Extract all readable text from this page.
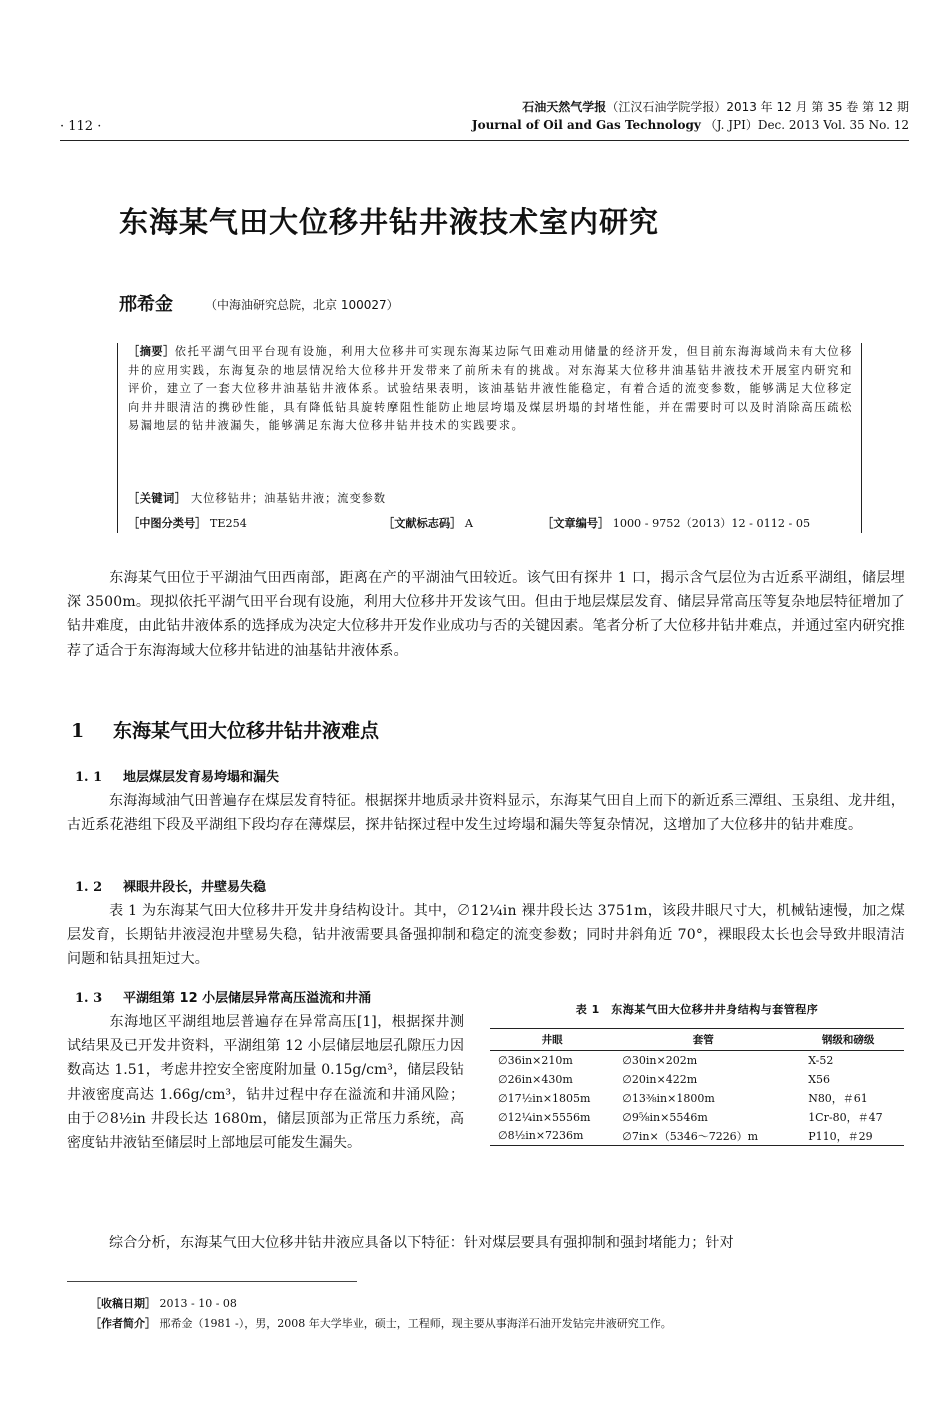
· 112 ·
石油天然气学报（江汉石油学院学报）2013 年 12 月 第 35 卷 第 12 期
Journal of Oil and Gas Technology （J. JPI）Dec. 2013 Vol. 35 No. 12
东海某气田大位移井钻井液技术室内研究
邢希金	（中海油研究总院，北京 100027）
［摘要］依托平湖气田平台现有设施，利用大位移井可实现东海某边际气田难动用储量的经济开发，但目前东海海域尚未有大位移井的应用实践，东海复杂的地层情况给大位移井开发带来了前所未有的挑战。对东海某大位移井油基钻井液技术开展室内研究和评价，建立了一套大位移井油基钻井液体系。试验结果表明，该油基钻井液性能稳定，有着合适的流变参数，能够满足大位移定向井井眼清洁的携砂性能，具有降低钻具旋转摩阻性能防止地层垮塌及煤层坍塌的封堵性能，并在需要时可以及时消除高压疏松易漏地层的钻井液漏失，能够满足东海大位移井钻井技术的实践要求。
［关键词］ 大位移钻井；油基钻井液；流变参数
［中图分类号］ TE254	［文献标志码］ A	［文章编号］ 1000 - 9752（2013）12 - 0112 - 05
东海某气田位于平湖油气田西南部，距离在产的平湖油气田较近。该气田有探井 1 口，揭示含气层位为古近系平湖组，储层埋深 3500m。现拟依托平湖气田平台现有设施，利用大位移井开发该气田。但由于地层煤层发育、储层异常高压等复杂地层特征增加了钻井难度，由此钻井液体系的选择成为决定大位移井开发作业成功与否的关键因素。笔者分析了大位移井钻井难点，并通过室内研究推荐了适合于东海海域大位移井钻进的油基钻井液体系。
1 东海某气田大位移井钻井液难点
1. 1 地层煤层发育易垮塌和漏失
东海海域油气田普遍存在煤层发育特征。根据探井地质录井资料显示，东海某气田自上而下的新近系三潭组、玉泉组、龙井组，古近系花港组下段及平湖组下段均存在薄煤层，探井钻探过程中发生过垮塌和漏失等复杂情况，这增加了大位移井的钻井难度。
1. 2 裸眼井段长，井壁易失稳
表 1 为东海某气田大位移井开发井身结构设计。其中，∅12¼in 裸井段长达 3751m，该段井眼尺寸大，机械钻速慢，加之煤层发育，长期钻井液浸泡井壁易失稳，钻井液需要具备强抑制和稳定的流变参数；同时井斜角近 70°，裸眼段太长也会导致井眼清洁问题和钻具扭矩过大。
1. 3 平湖组第 12 小层储层异常高压溢流和井涌
东海地区平湖组地层普遍存在异常高压[1]，根据探井测试结果及已开发井资料，平湖组第 12 小层储层地层孔隙压力因数高达 1.51，考虑井控安全密度附加量 0.15g/cm³，储层段钻井液密度高达 1.66g/cm³，钻井过程中存在溢流和井涌风险；由于∅8½in 井段长达 1680m，储层顶部为正常压力系统，高密度钻井液钻至储层时上部地层可能发生漏失。
表 1　东海某气田大位移井井身结构与套管程序
井眼	套管	钢级和磅级
∅36in×210m	∅30in×202m	X-52
∅26in×430m	∅20in×422m	X56
∅17½in×1805m	∅13⅜in×1800m	N80，＃61
∅12¼in×5556m	∅9⅝in×5546m	1Cr-80，＃47
∅8½in×7236m	∅7in×（5346～7226）m	P110，＃29
综合分析，东海某气田大位移井钻井液应具备以下特征：针对煤层要具有强抑制和强封堵能力；针对
［收稿日期］ 2013 - 10 - 08
［作者简介］ 邢希金（1981 -），男，2008 年大学毕业，硕士，工程师，现主要从事海洋石油开发钻完井液研究工作。
